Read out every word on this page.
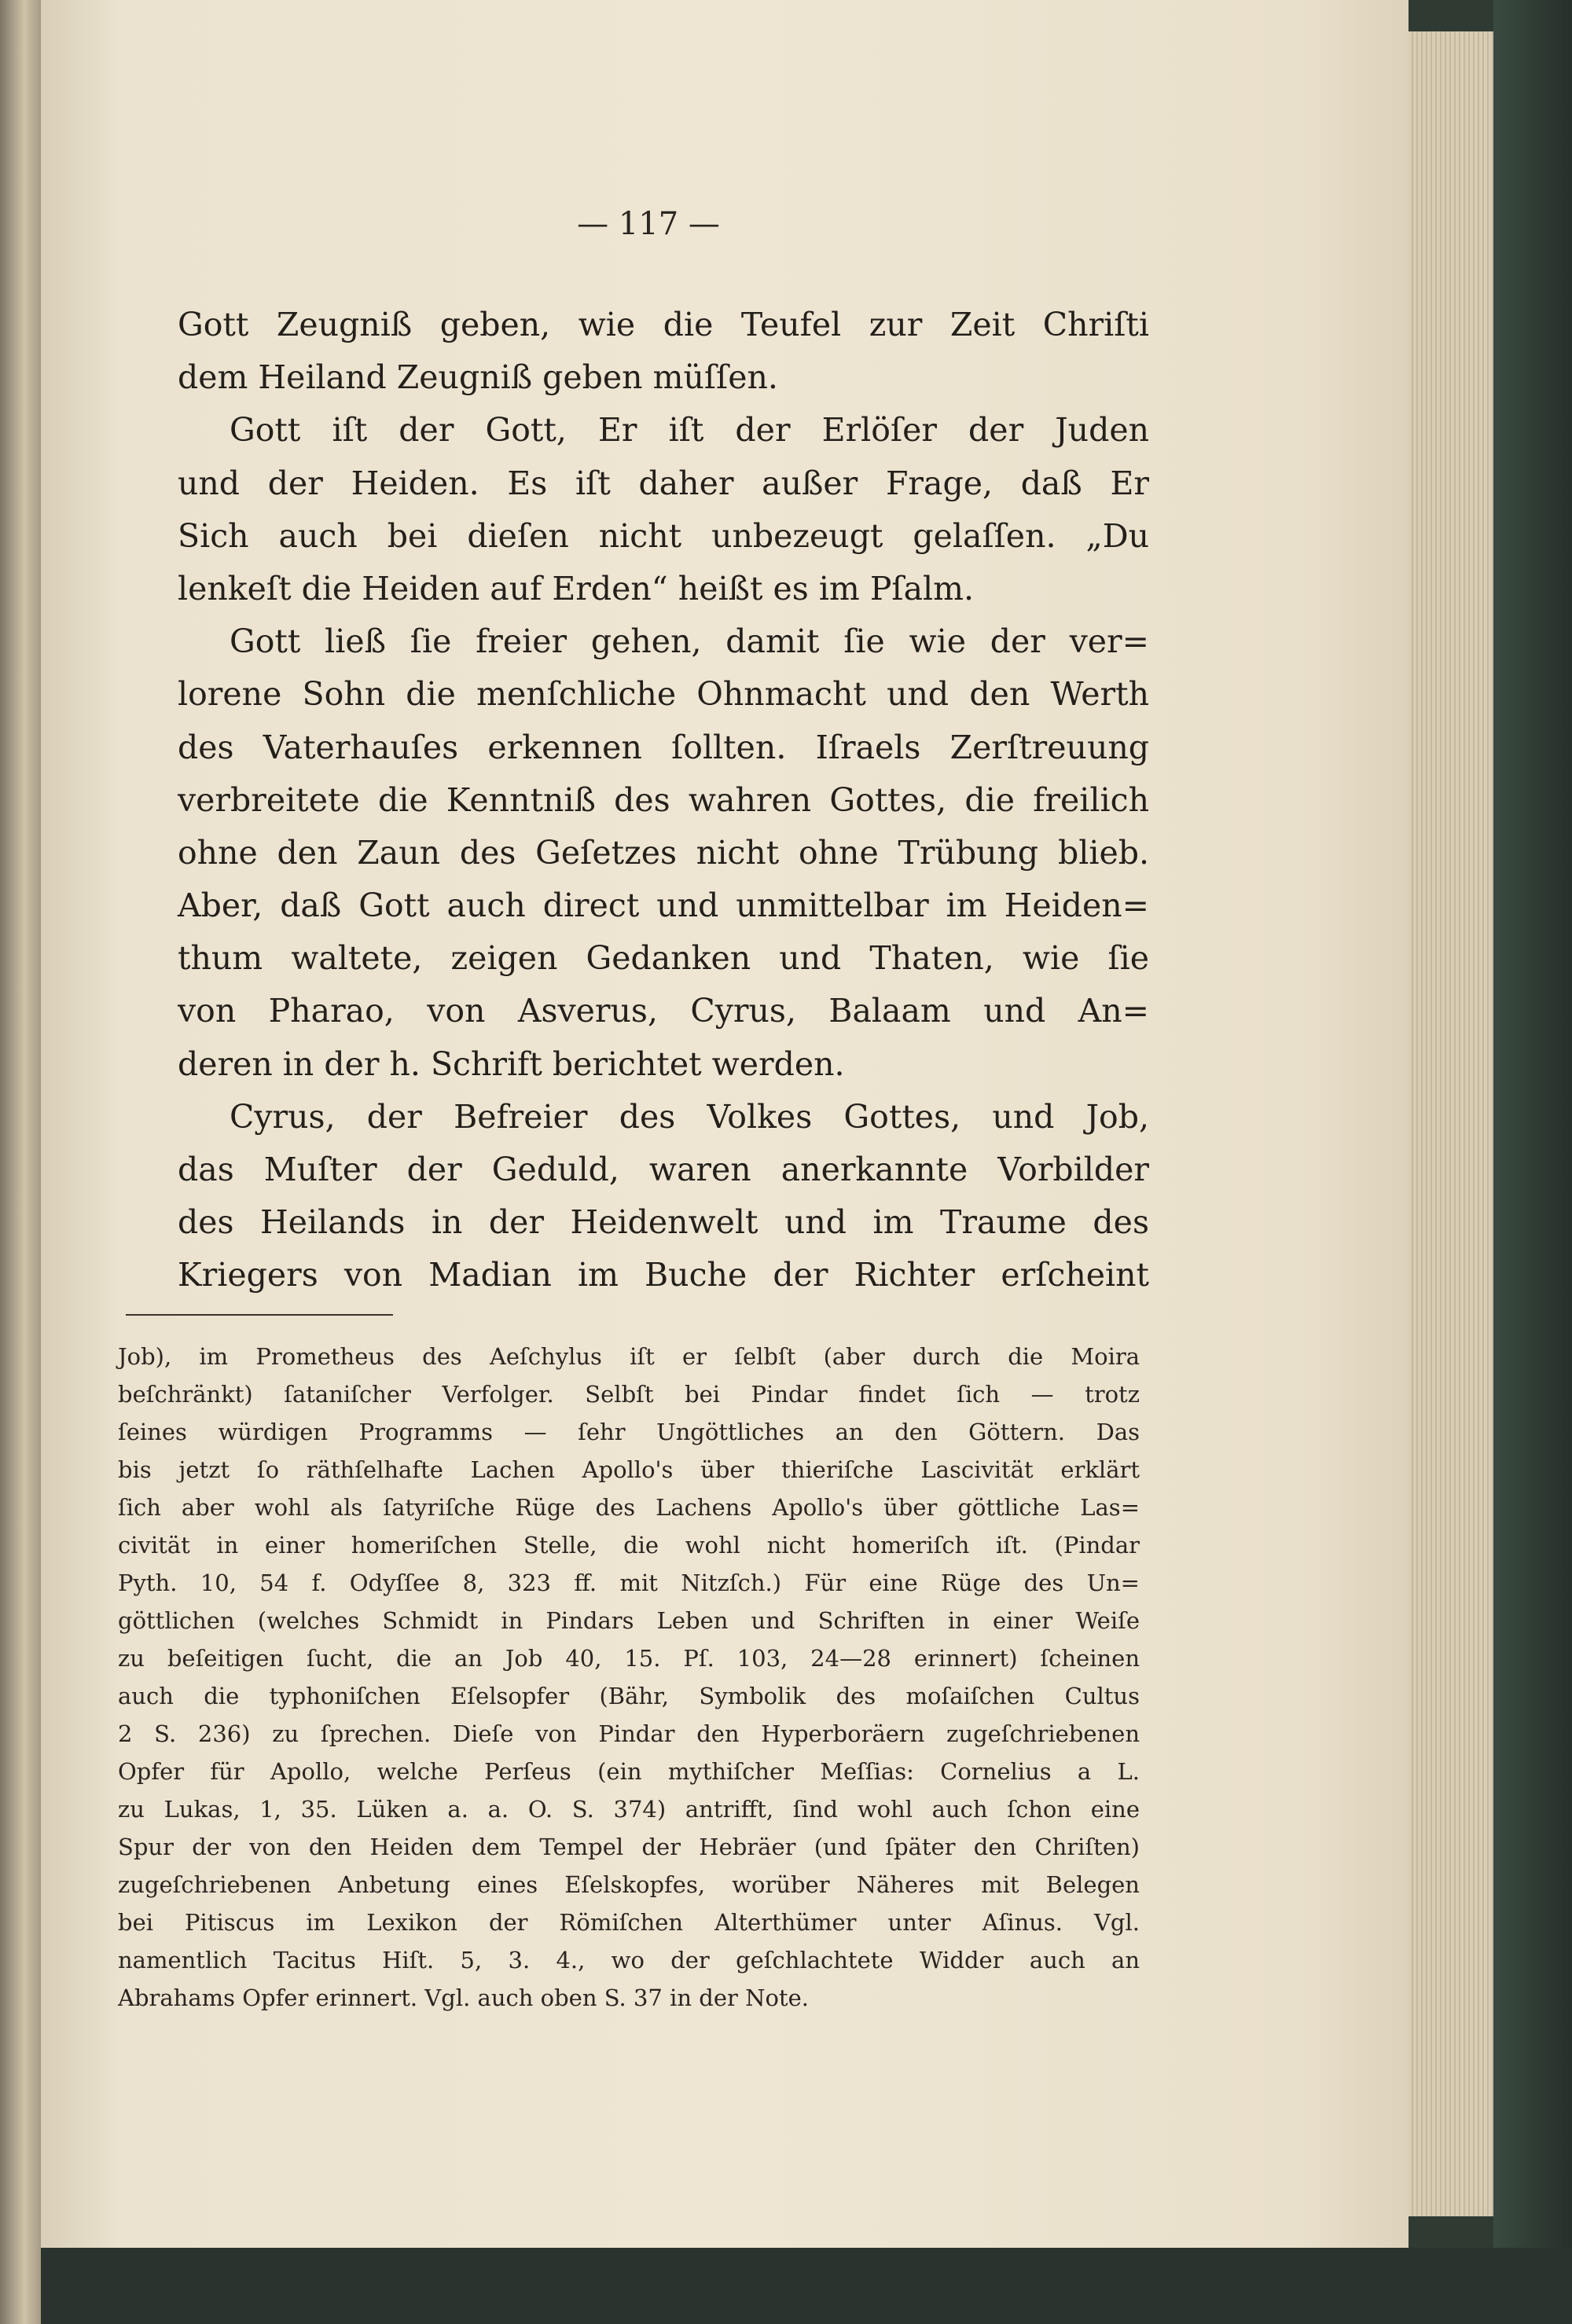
— 117 —
Gott Zeugniß geben, wie die Teufel zur Zeit Chriſti
dem Heiland Zeugniß geben müſſen.
Gott iſt der Gott, Er iſt der Erlöſer der Juden
und der Heiden. Es iſt daher außer Frage, daß Er
Sich auch bei dieſen nicht unbezeugt gelaſſen. „Du
lenkeſt die Heiden auf Erden“ heißt es im Pſalm.
Gott ließ ſie freier gehen, damit ſie wie der ver=
lorene Sohn die menſchliche Ohnmacht und den Werth
des Vaterhauſes erkennen ſollten. Iſraels Zerſtreuung
verbreitete die Kenntniß des wahren Gottes, die freilich
ohne den Zaun des Geſetzes nicht ohne Trübung blieb.
Aber, daß Gott auch direct und unmittelbar im Heiden=
thum waltete, zeigen Gedanken und Thaten, wie ſie
von Pharao, von Asverus, Cyrus, Balaam und An=
deren in der h. Schrift berichtet werden.
Cyrus, der Befreier des Volkes Gottes, und Job,
das Muſter der Geduld, waren anerkannte Vorbilder
des Heilands in der Heidenwelt und im Traume des
Kriegers von Madian im Buche der Richter erſcheint
Job), im Prometheus des Aeſchylus iſt er ſelbſt (aber durch die Moira
beſchränkt) ſataniſcher Verfolger. Selbſt bei Pindar findet ſich — trotz
ſeines würdigen Programms — ſehr Ungöttliches an den Göttern. Das
bis jetzt ſo räthſelhafte Lachen Apollo's über thieriſche Lascivität erklärt
ſich aber wohl als ſatyriſche Rüge des Lachens Apollo's über göttliche Las=
civität in einer homeriſchen Stelle, die wohl nicht homeriſch iſt. (Pindar
Pyth. 10, 54 f. Odyſſee 8, 323 ff. mit Nitzſch.) Für eine Rüge des Un=
göttlichen (welches Schmidt in Pindars Leben und Schriften in einer Weiſe
zu beſeitigen ſucht, die an Job 40, 15. Pſ. 103, 24—28 erinnert) ſcheinen
auch die typhoniſchen Eſelsopfer (Bähr, Symbolik des moſaiſchen Cultus
2 S. 236) zu ſprechen. Dieſe von Pindar den Hyperboräern zugeſchriebenen
Opfer für Apollo, welche Perſeus (ein mythiſcher Meſſias: Cornelius a L.
zu Lukas, 1, 35. Lüken a. a. O. S. 374) antrifft, ſind wohl auch ſchon eine
Spur der von den Heiden dem Tempel der Hebräer (und ſpäter den Chriſten)
zugeſchriebenen Anbetung eines Eſelskopfes, worüber Näheres mit Belegen
bei Pitiscus im Lexikon der Römiſchen Alterthümer unter Aſinus. Vgl.
namentlich Tacitus Hiſt. 5, 3. 4., wo der geſchlachtete Widder auch an
Abrahams Opfer erinnert. Vgl. auch oben S. 37 in der Note.
